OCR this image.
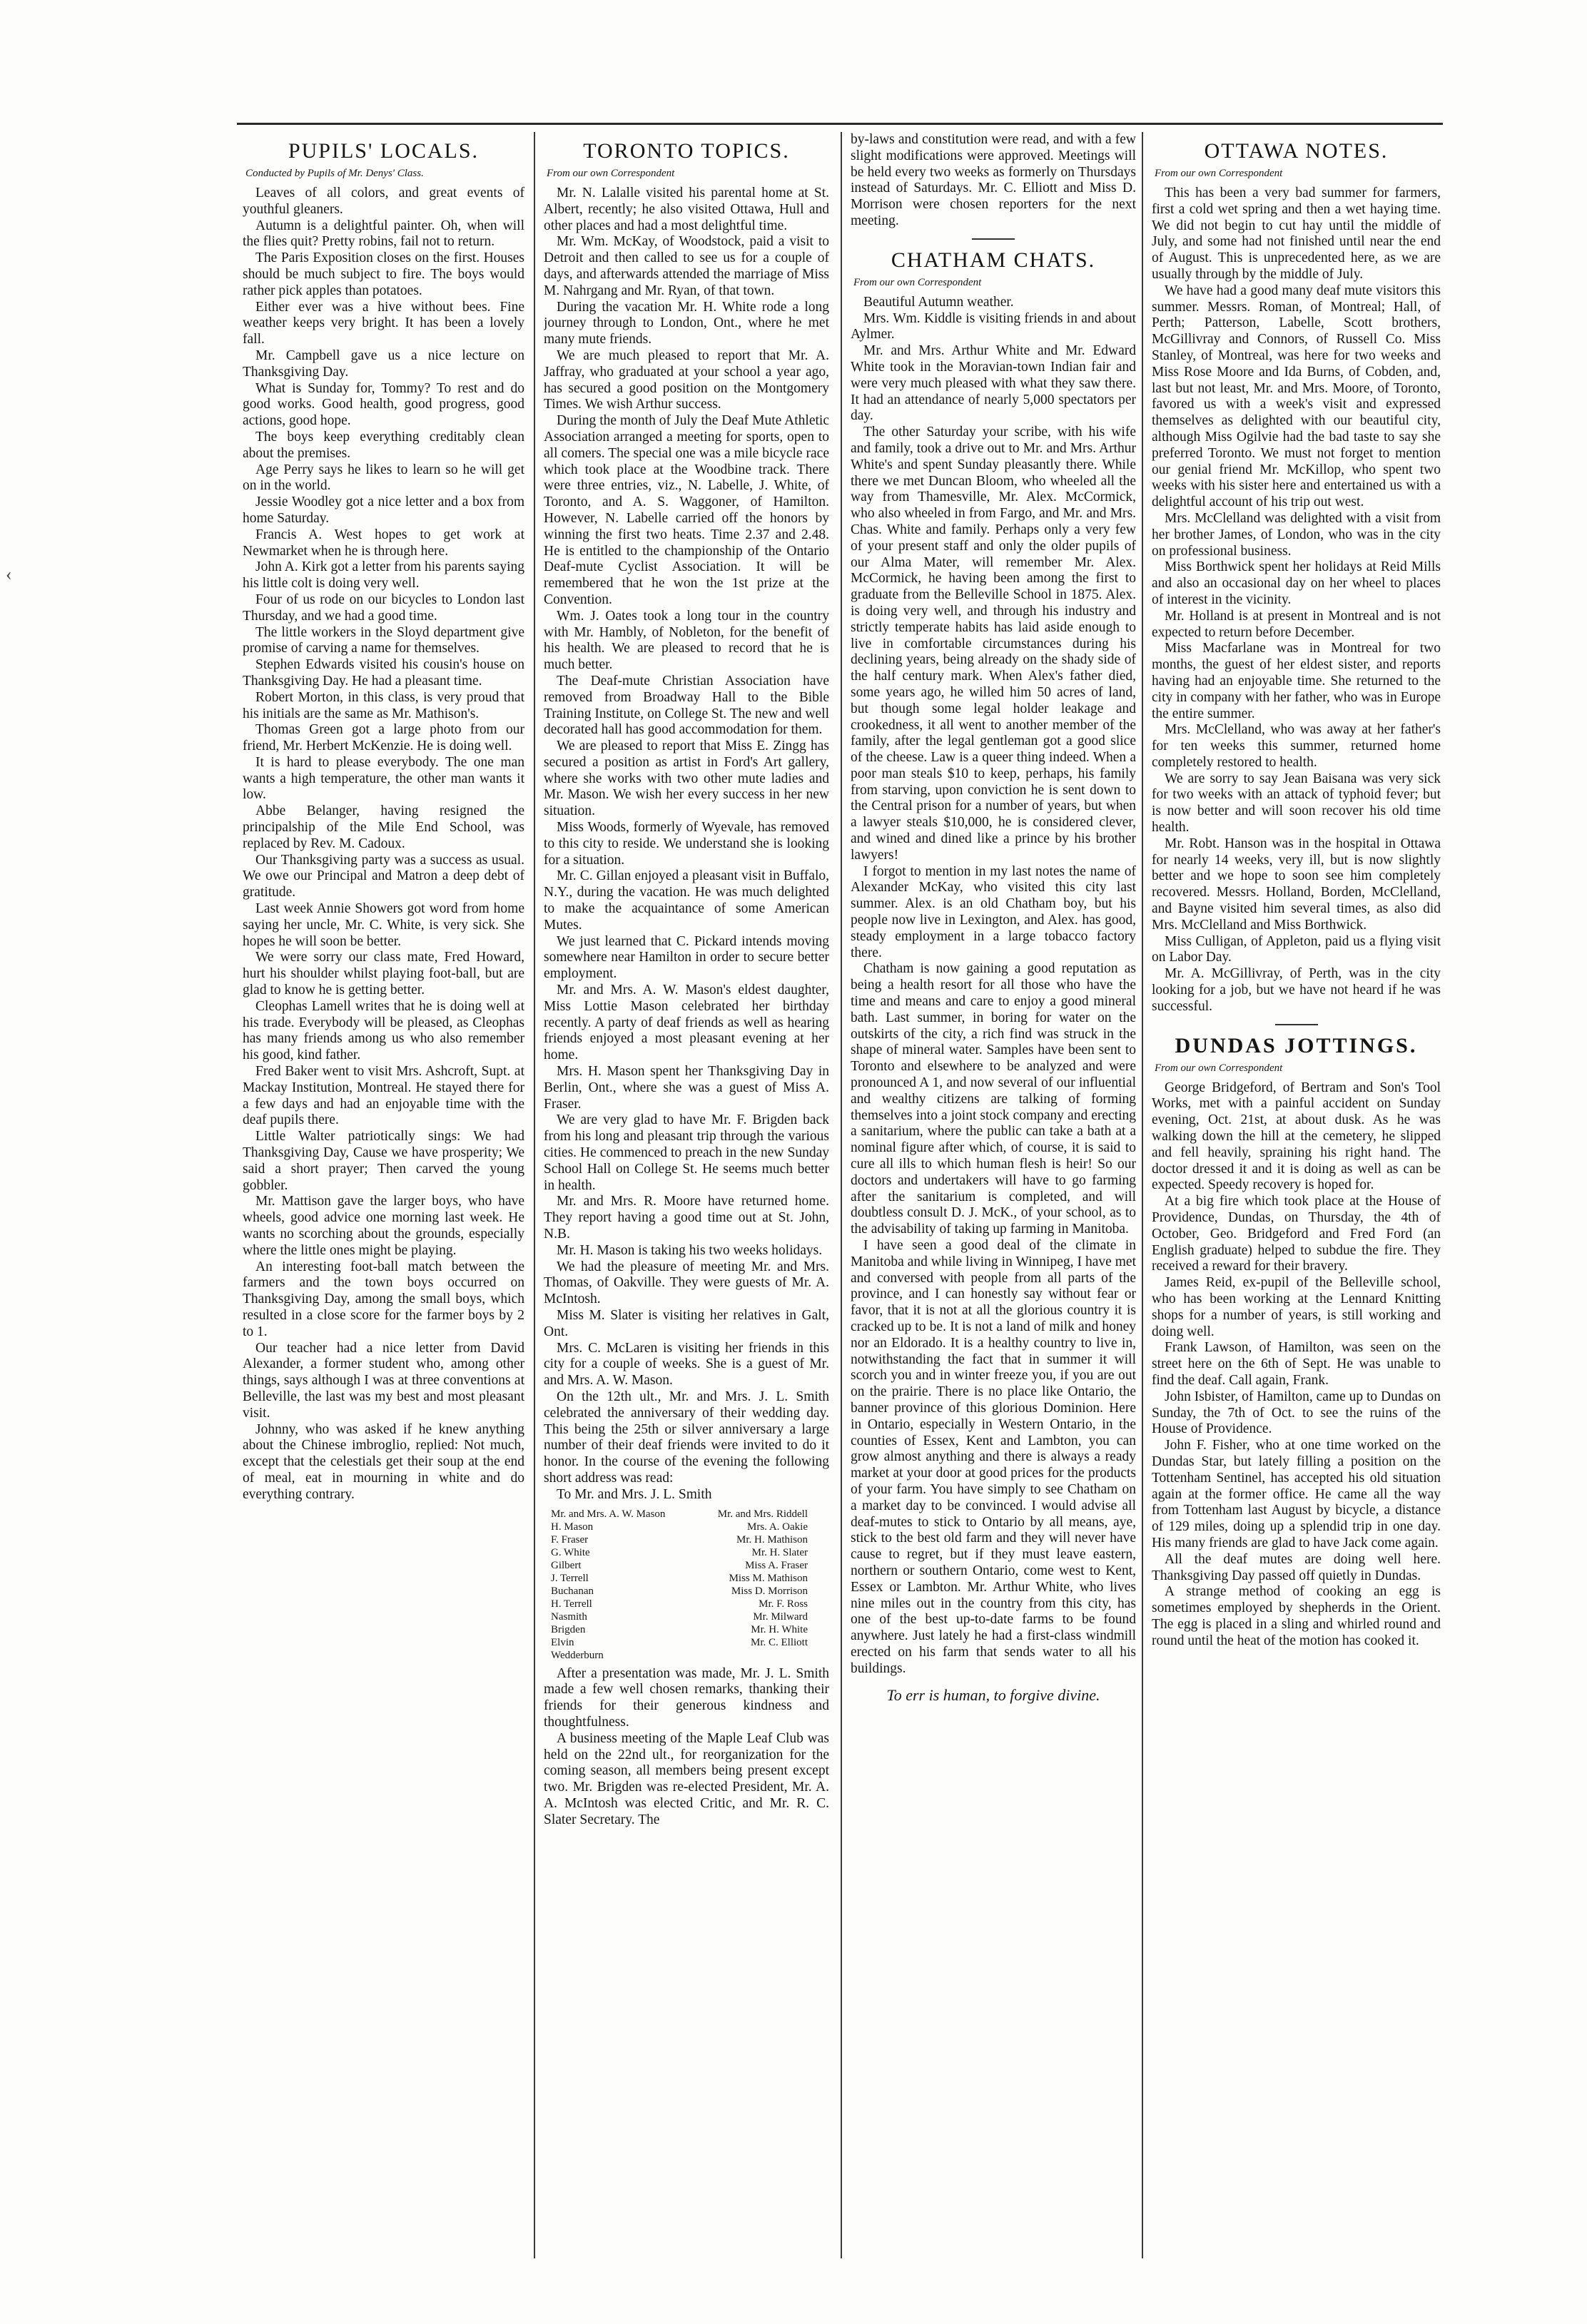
‹
PUPILS' LOCALS.
Conducted by Pupils of Mr. Denys' Class.

Leaves of all colors, and great events of youthful gleaners.

Autumn is a delightful painter. Oh, when will the flies quit? Pretty robins, fail not to return.

The Paris Exposition closes on the first. Houses should be much subject to fire. The boys would rather pick apples than potatoes.

Either ever was a hive without bees. Fine weather keeps very bright. It has been a lovely fall.

Mr. Campbell gave us a nice lecture on Thanksgiving Day.

What is Sunday for, Tommy? To rest and do good works. Good health, good progress, good actions, good hope.

The boys keep everything creditably clean about the premises.

Age Perry says he likes to learn so he will get on in the world.

Jessie Woodley got a nice letter and a box from home Saturday.

Francis A. West hopes to get work at Newmarket when he is through here.

John A. Kirk got a letter from his parents saying his little colt is doing very well.

Four of us rode on our bicycles to London last Thursday, and we had a good time.

The little workers in the Sloyd department give promise of carving a name for themselves.

Stephen Edwards visited his cousin's house on Thanksgiving Day. He had a pleasant time.

Robert Morton, in this class, is very proud that his initials are the same as Mr. Mathison's.

Thomas Green got a large photo from our friend, Mr. Herbert McKenzie. He is doing well.

It is hard to please everybody. The one man wants a high temperature, the other man wants it low.

Abbe Belanger, having resigned the principalship of the Mile End School, was replaced by Rev. M. Cadoux.

Our Thanksgiving party was a success as usual. We owe our Principal and Matron a deep debt of gratitude.

Last week Annie Showers got word from home saying her uncle, Mr. C. White, is very sick. She hopes he will soon be better.

We were sorry our class mate, Fred Howard, hurt his shoulder whilst playing foot-ball, but are glad to know he is getting better.

Cleophas Lamell writes that he is doing well at his trade. Everybody will be pleased, as Cleophas has many friends among us who also remember his good, kind father.

Fred Baker went to visit Mrs. Ashcroft, Supt. at Mackay Institution, Montreal. He stayed there for a few days and had an enjoyable time with the deaf pupils there.

Little Walter patriotically sings: We had Thanksgiving Day, Cause we have prosperity; We said a short prayer; Then carved the young gobbler.

Mr. Mattison gave the larger boys, who have wheels, good advice one morning last week. He wants no scorching about the grounds, especially where the little ones might be playing.

An interesting foot-ball match between the farmers and the town boys occurred on Thanksgiving Day, among the small boys, which resulted in a close score for the farmer boys by 2 to 1.

Our teacher had a nice letter from David Alexander, a former student who, among other things, says although I was at three conventions at Belleville, the last was my best and most pleasant visit.

Johnny, who was asked if he knew anything about the Chinese imbroglio, replied: Not much, except that the celestials get their soup at the end of meal, eat in mourning in white and do everything contrary.

TORONTO TOPICS.
From our own Correspondent

Mr. N. Lalalle visited his parental home at St. Albert, recently; he also visited Ottawa, Hull and other places and had a most delightful time.

Mr. Wm. McKay, of Woodstock, paid a visit to Detroit and then called to see us for a couple of days, and afterwards attended the marriage of Miss M. Nahrgang and Mr. Ryan, of that town.

During the vacation Mr. H. White rode a long journey through to London, Ont., where he met many mute friends.

We are much pleased to report that Mr. A. Jaffray, who graduated at your school a year ago, has secured a good position on the Montgomery Times. We wish Arthur success.

During the month of July the Deaf Mute Athletic Association arranged a meeting for sports, open to all comers. The special one was a mile bicycle race which took place at the Woodbine track. There were three entries, viz., N. Labelle, J. White, of Toronto, and A. S. Waggoner, of Hamilton. However, N. Labelle carried off the honors by winning the first two heats. Time 2.37 and 2.48. He is entitled to the championship of the Ontario Deaf-mute Cyclist Association. It will be remembered that he won the 1st prize at the Convention.

Wm. J. Oates took a long tour in the country with Mr. Hambly, of Nobleton, for the benefit of his health. We are pleased to record that he is much better.

The Deaf-mute Christian Association have removed from Broadway Hall to the Bible Training Institute, on College St. The new and well decorated hall has good accommodation for them.

We are pleased to report that Miss E. Zingg has secured a position as artist in Ford's Art gallery, where she works with two other mute ladies and Mr. Mason. We wish her every success in her new situation.

Miss Woods, formerly of Wyevale, has removed to this city to reside. We understand she is looking for a situation.

Mr. C. Gillan enjoyed a pleasant visit in Buffalo, N.Y., during the vacation. He was much delighted to make the acquaintance of some American Mutes.

We just learned that C. Pickard intends moving somewhere near Hamilton in order to secure better employment.

Mr. and Mrs. A. W. Mason's eldest daughter, Miss Lottie Mason celebrated her birthday recently. A party of deaf friends as well as hearing friends enjoyed a most pleasant evening at her home.

Mrs. H. Mason spent her Thanksgiving Day in Berlin, Ont., where she was a guest of Miss A. Fraser.

We are very glad to have Mr. F. Brigden back from his long and pleasant trip through the various cities. He commenced to preach in the new Sunday School Hall on College St. He seems much better in health.

Mr. and Mrs. R. Moore have returned home. They report having a good time out at St. John, N.B.

Mr. H. Mason is taking his two weeks holidays.

We had the pleasure of meeting Mr. and Mrs. Thomas, of Oakville. They were guests of Mr. A. McIntosh.

Miss M. Slater is visiting her relatives in Galt, Ont.

Mrs. C. McLaren is visiting her friends in this city for a couple of weeks. She is a guest of Mr. and Mrs. A. W. Mason.

On the 12th ult., Mr. and Mrs. J. L. Smith celebrated the anniversary of their wedding day. This being the 25th or silver anniversary a large number of their deaf friends were invited to do it honor. In the course of the evening the following short address was read:

To Mr. and Mrs. J. L. Smith

Mr. and Mrs. A. W. Mason	Mr. and Mrs. Riddell
H. Mason	Mrs. A. Oakie
F. Fraser	Mr. H. Mathison
G. White	Mr. H. Slater
Gilbert	Miss A. Fraser
J. Terrell	Miss M. Mathison
Buchanan	Miss D. Morrison
H. Terrell	Mr. F. Ross
Nasmith	Mr. Milward
Brigden	Mr. H. White
Elvin	Mr. C. Elliott
Wedderburn

After a presentation was made, Mr. J. L. Smith made a few well chosen remarks, thanking their friends for their generous kindness and thoughtfulness.

A business meeting of the Maple Leaf Club was held on the 22nd ult., for reorganization for the coming season, all members being present except two. Mr. Brigden was re-elected President, Mr. A. A. McIntosh was elected Critic, and Mr. R. C. Slater Secretary. The

by-laws and constitution were read, and with a few slight modifications were approved. Meetings will be held every two weeks as formerly on Thursdays instead of Saturdays. Mr. C. Elliott and Miss D. Morrison were chosen reporters for the next meeting.

CHATHAM CHATS.
From our own Correspondent

Beautiful Autumn weather.

Mrs. Wm. Kiddle is visiting friends in and about Aylmer.

Mr. and Mrs. Arthur White and Mr. Edward White took in the Moravian-town Indian fair and were very much pleased with what they saw there. It had an attendance of nearly 5,000 spectators per day.

The other Saturday your scribe, with his wife and family, took a drive out to Mr. and Mrs. Arthur White's and spent Sunday pleasantly there. While there we met Duncan Bloom, who wheeled all the way from Thamesville, Mr. Alex. McCormick, who also wheeled in from Fargo, and Mr. and Mrs. Chas. White and family. Perhaps only a very few of your present staff and only the older pupils of our Alma Mater, will remember Mr. Alex. McCormick, he having been among the first to graduate from the Belleville School in 1875. Alex. is doing very well, and through his industry and strictly temperate habits has laid aside enough to live in comfortable circumstances during his declining years, being already on the shady side of the half century mark. When Alex's father died, some years ago, he willed him 50 acres of land, but though some legal holder leakage and crookedness, it all went to another member of the family, after the legal gentleman got a good slice of the cheese. Law is a queer thing indeed. When a poor man steals $10 to keep, perhaps, his family from starving, upon conviction he is sent down to the Central prison for a number of years, but when a lawyer steals $10,000, he is considered clever, and wined and dined like a prince by his brother lawyers!

I forgot to mention in my last notes the name of Alexander McKay, who visited this city last summer. Alex. is an old Chatham boy, but his people now live in Lexington, and Alex. has good, steady employment in a large tobacco factory there.

Chatham is now gaining a good reputation as being a health resort for all those who have the time and means and care to enjoy a good mineral bath. Last summer, in boring for water on the outskirts of the city, a rich find was struck in the shape of mineral water. Samples have been sent to Toronto and elsewhere to be analyzed and were pronounced A 1, and now several of our influential and wealthy citizens are talking of forming themselves into a joint stock company and erecting a sanitarium, where the public can take a bath at a nominal figure after which, of course, it is said to cure all ills to which human flesh is heir! So our doctors and undertakers will have to go farming after the sanitarium is completed, and will doubtless consult D. J. McK., of your school, as to the advisability of taking up farming in Manitoba.

I have seen a good deal of the climate in Manitoba and while living in Winnipeg, I have met and conversed with people from all parts of the province, and I can honestly say without fear or favor, that it is not at all the glorious country it is cracked up to be. It is not a land of milk and honey nor an Eldorado. It is a healthy country to live in, notwithstanding the fact that in summer it will scorch you and in winter freeze you, if you are out on the prairie. There is no place like Ontario, the banner province of this glorious Dominion. Here in Ontario, especially in Western Ontario, in the counties of Essex, Kent and Lambton, you can grow almost anything and there is always a ready market at your door at good prices for the products of your farm. You have simply to see Chatham on a market day to be convinced. I would advise all deaf-mutes to stick to Ontario by all means, aye, stick to the best old farm and they will never have cause to regret, but if they must leave eastern, northern or southern Ontario, come west to Kent, Essex or Lambton. Mr. Arthur White, who lives nine miles out in the country from this city, has one of the best up-to-date farms to be found anywhere. Just lately he had a first-class windmill erected on his farm that sends water to all his buildings.

To err is human, to forgive divine.
OTTAWA NOTES.
From our own Correspondent

This has been a very bad summer for farmers, first a cold wet spring and then a wet haying time. We did not begin to cut hay until the middle of July, and some had not finished until near the end of August. This is unprecedented here, as we are usually through by the middle of July.

We have had a good many deaf mute visitors this summer. Messrs. Roman, of Montreal; Hall, of Perth; Patterson, Labelle, Scott brothers, McGillivray and Connors, of Russell Co. Miss Stanley, of Montreal, was here for two weeks and Miss Rose Moore and Ida Burns, of Cobden, and, last but not least, Mr. and Mrs. Moore, of Toronto, favored us with a week's visit and expressed themselves as delighted with our beautiful city, although Miss Ogilvie had the bad taste to say she preferred Toronto. We must not forget to mention our genial friend Mr. McKillop, who spent two weeks with his sister here and entertained us with a delightful account of his trip out west.

Mrs. McClelland was delighted with a visit from her brother James, of London, who was in the city on professional business.

Miss Borthwick spent her holidays at Reid Mills and also an occasional day on her wheel to places of interest in the vicinity.

Mr. Holland is at present in Montreal and is not expected to return before December.

Miss Macfarlane was in Montreal for two months, the guest of her eldest sister, and reports having had an enjoyable time. She returned to the city in company with her father, who was in Europe the entire summer.

Mrs. McClelland, who was away at her father's for ten weeks this summer, returned home completely restored to health.

We are sorry to say Jean Baisana was very sick for two weeks with an attack of typhoid fever; but is now better and will soon recover his old time health.

Mr. Robt. Hanson was in the hospital in Ottawa for nearly 14 weeks, very ill, but is now slightly better and we hope to soon see him completely recovered. Messrs. Holland, Borden, McClelland, and Bayne visited him several times, as also did Mrs. McClelland and Miss Borthwick.

Miss Culligan, of Appleton, paid us a flying visit on Labor Day.

Mr. A. McGillivray, of Perth, was in the city looking for a job, but we have not heard if he was successful.

DUNDAS JOTTINGS.
From our own Correspondent

George Bridgeford, of Bertram and Son's Tool Works, met with a painful accident on Sunday evening, Oct. 21st, at about dusk. As he was walking down the hill at the cemetery, he slipped and fell heavily, spraining his right hand. The doctor dressed it and it is doing as well as can be expected. Speedy recovery is hoped for.

At a big fire which took place at the House of Providence, Dundas, on Thursday, the 4th of October, Geo. Bridgeford and Fred Ford (an English graduate) helped to subdue the fire. They received a reward for their bravery.

James Reid, ex-pupil of the Belleville school, who has been working at the Lennard Knitting shops for a number of years, is still working and doing well.

Frank Lawson, of Hamilton, was seen on the street here on the 6th of Sept. He was unable to find the deaf. Call again, Frank.

John Isbister, of Hamilton, came up to Dundas on Sunday, the 7th of Oct. to see the ruins of the House of Providence.

John F. Fisher, who at one time worked on the Dundas Star, but lately filling a position on the Tottenham Sentinel, has accepted his old situation again at the former office. He came all the way from Tottenham last August by bicycle, a distance of 129 miles, doing up a splendid trip in one day. His many friends are glad to have Jack come again.

All the deaf mutes are doing well here. Thanksgiving Day passed off quietly in Dundas.

A strange method of cooking an egg is sometimes employed by shepherds in the Orient. The egg is placed in a sling and whirled round and round until the heat of the motion has cooked it.
